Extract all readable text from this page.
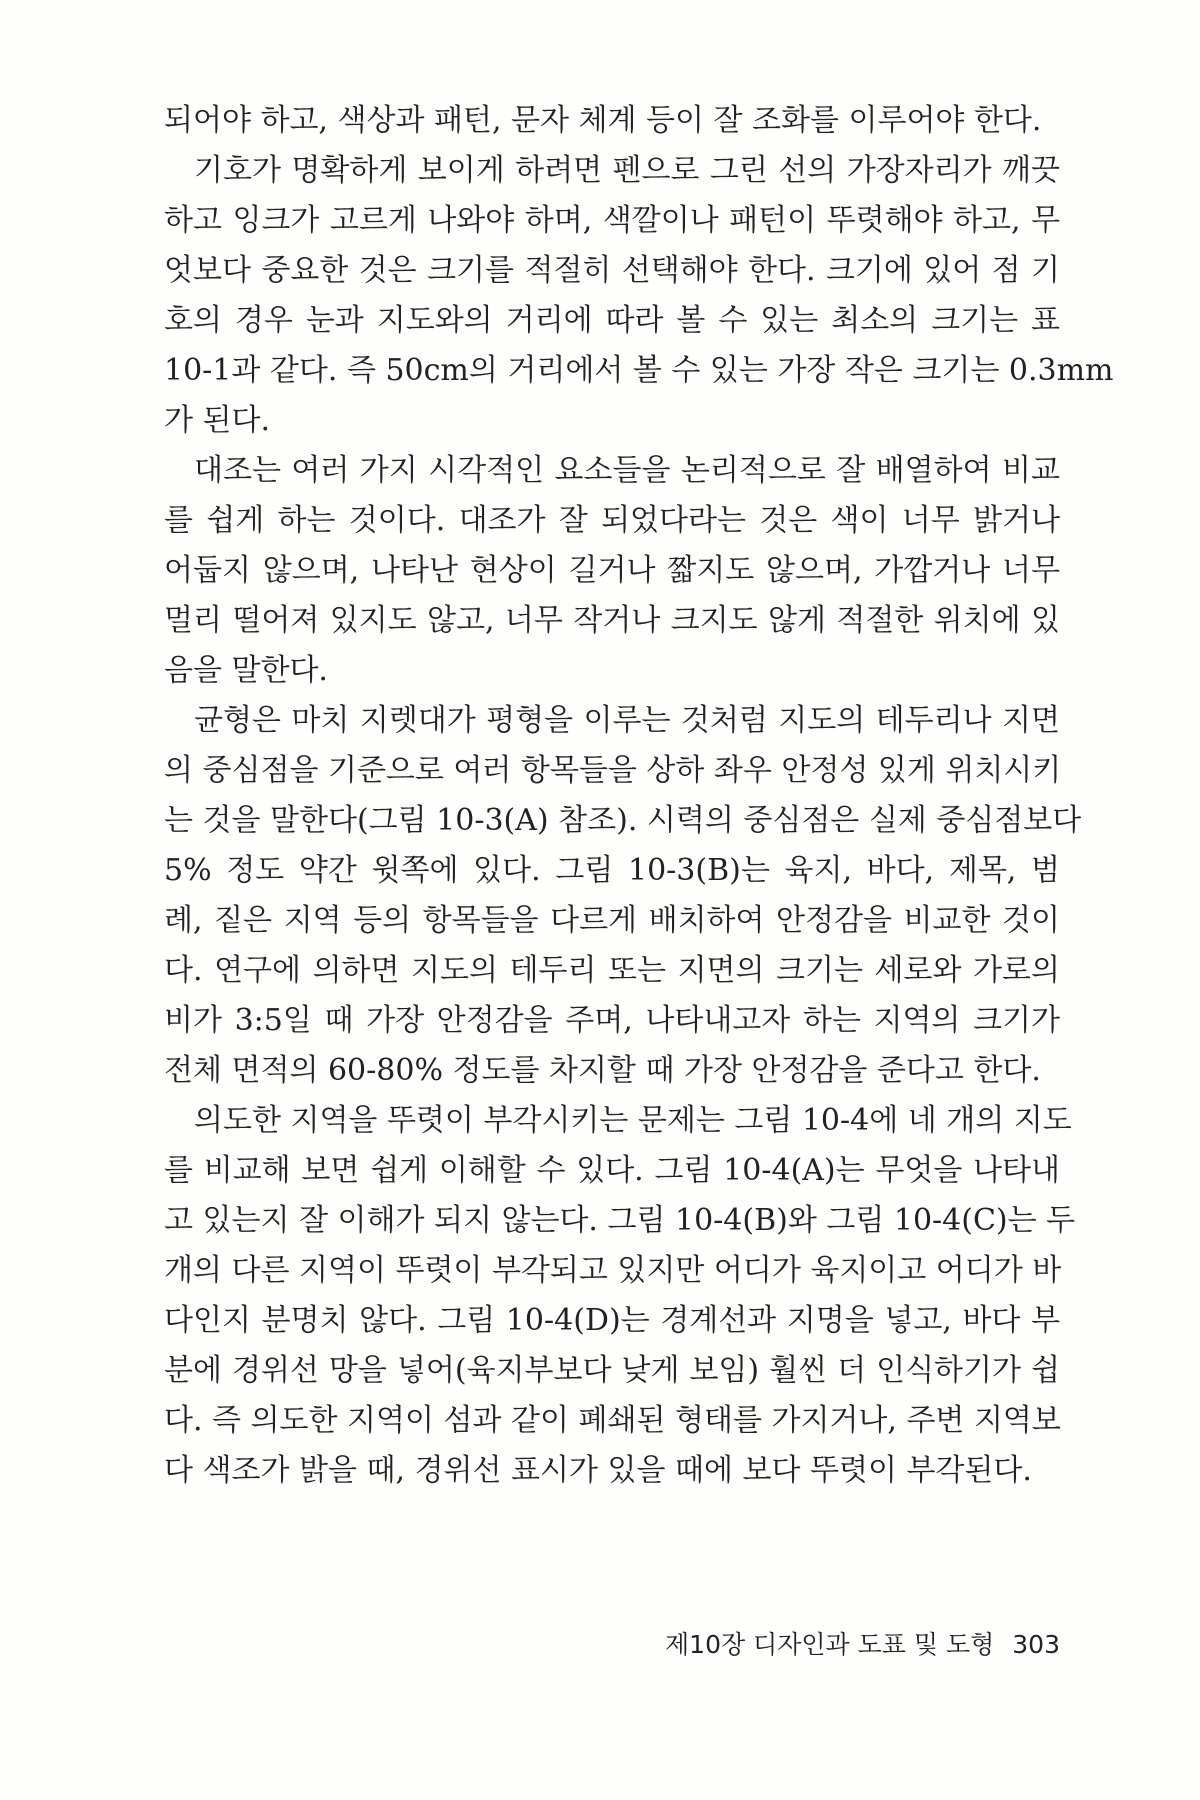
되어야 하고, 색상과 패턴, 문자 체계 등이 잘 조화를 이루어야 한다.
기호가 명확하게 보이게 하려면 펜으로 그린 선의 가장자리가 깨끗
하고 잉크가 고르게 나와야 하며, 색깔이나 패턴이 뚜렷해야 하고, 무
엇보다 중요한 것은 크기를 적절히 선택해야 한다. 크기에 있어 점 기
호의 경우 눈과 지도와의 거리에 따라 볼 수 있는 최소의 크기는 표
10-1과 같다. 즉 50cm의 거리에서 볼 수 있는 가장 작은 크기는 0.3mm
가 된다.
대조는 여러 가지 시각적인 요소들을 논리적으로 잘 배열하여 비교
를 쉽게 하는 것이다. 대조가 잘 되었다라는 것은 색이 너무 밝거나
어둡지 않으며, 나타난 현상이 길거나 짧지도 않으며, 가깝거나 너무
멀리 떨어져 있지도 않고, 너무 작거나 크지도 않게 적절한 위치에 있
음을 말한다.
균형은 마치 지렛대가 평형을 이루는 것처럼 지도의 테두리나 지면
의 중심점을 기준으로 여러 항목들을 상하 좌우 안정성 있게 위치시키
는 것을 말한다(그림 10-3(A) 참조). 시력의 중심점은 실제 중심점보다
5% 정도 약간 윗쪽에 있다. 그림 10-3(B)는 육지, 바다, 제목, 범
례, 짙은 지역 등의 항목들을 다르게 배치하여 안정감을 비교한 것이
다. 연구에 의하면 지도의 테두리 또는 지면의 크기는 세로와 가로의
비가 3:5일 때 가장 안정감을 주며, 나타내고자 하는 지역의 크기가
전체 면적의 60-80% 정도를 차지할 때 가장 안정감을 준다고 한다.
의도한 지역을 뚜렷이 부각시키는 문제는 그림 10-4에 네 개의 지도
를 비교해 보면 쉽게 이해할 수 있다. 그림 10-4(A)는 무엇을 나타내
고 있는지 잘 이해가 되지 않는다. 그림 10-4(B)와 그림 10-4(C)는 두
개의 다른 지역이 뚜렷이 부각되고 있지만 어디가 육지이고 어디가 바
다인지 분명치 않다. 그림 10-4(D)는 경계선과 지명을 넣고, 바다 부
분에 경위선 망을 넣어(육지부보다 낮게 보임) 훨씬 더 인식하기가 쉽
다. 즉 의도한 지역이 섬과 같이 폐쇄된 형태를 가지거나, 주변 지역보
다 색조가 밝을 때, 경위선 표시가 있을 때에 보다 뚜렷이 부각된다.
제10장 디자인과 도표 및 도형 303
